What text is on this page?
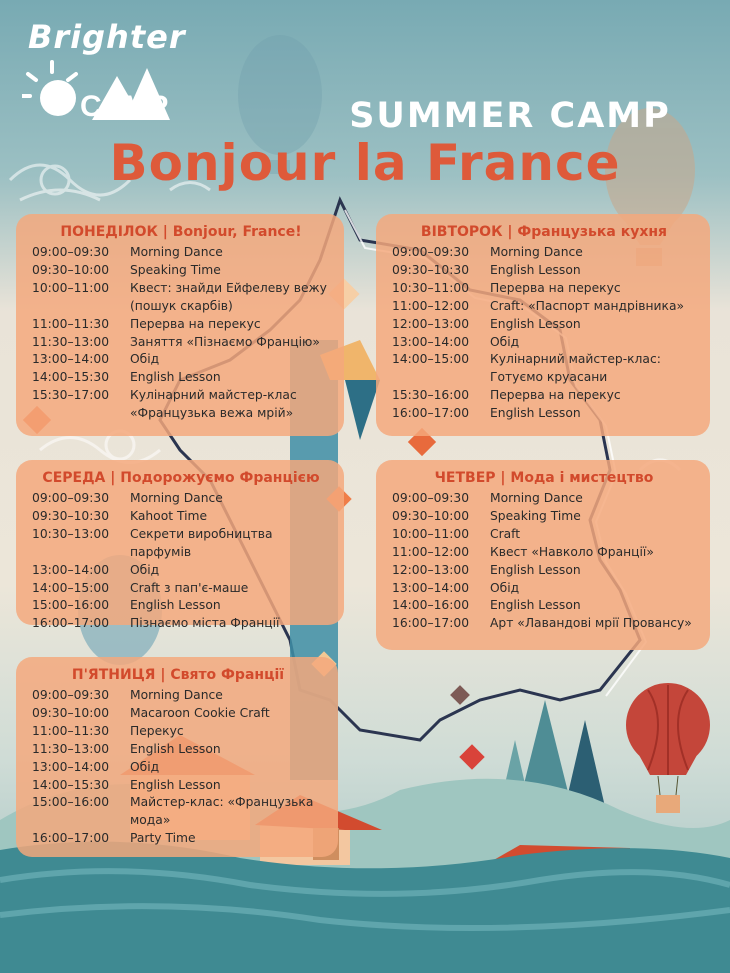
Brighter
CAMP	SUMMER CAMP
Bonjour la France
ПОНЕДІЛОК | Bonjour, France!
09:00–09:30	Morning Dance
09:30–10:00	Speaking Time
10:00–11:00	Квест: знайди Ейфелеву вежу (пошук скарбів)
11:00–11:30	Перерва на перекус
11:30–13:00	Заняття «Пізнаємо Францію»
13:00–14:00	Обід
14:00–15:30	English Lesson
15:30–17:00	Кулінарний майстер-клас «Французька вежа мрій»
ВІВТОРОК | Французька кухня
09:00–09:30	Morning Dance
09:30–10:30	English Lesson
10:30–11:00	Перерва на перекус
11:00–12:00	Craft: «Паспорт мандрівника»
12:00–13:00	English Lesson
13:00–14:00	Обід
14:00–15:00	Кулінарний майстер-клас: Готуємо круасани
15:30–16:00	Перерва на перекус
16:00–17:00	English Lesson
СЕРЕДА | Подорожуємо Францією
09:00–09:30	Morning Dance
09:30–10:30	Kahoot Time
10:30–13:00	Секрети виробництва парфумів
13:00–14:00	Обід
14:00–15:00	Craft з пап'є-маше
15:00–16:00	English Lesson
16:00–17:00	Пізнаємо міста Франції
ЧЕТВЕР | Мода і мистецтво
09:00–09:30	Morning Dance
09:30–10:00	Speaking Time
10:00–11:00	Craft
11:00–12:00	Квест «Навколо Франції»
12:00–13:00	English Lesson
13:00–14:00	Обід
14:00–16:00	English Lesson
16:00–17:00	Арт «Лавандові мрії Провансу»
П'ЯТНИЦЯ | Свято Франції
09:00–09:30	Morning Dance
09:30–10:00	Macaroon Cookie Craft
11:00–11:30	Перекус
11:30–13:00	English Lesson
13:00–14:00	Обід
14:00–15:30	English Lesson
15:00–16:00	Майстер-клас: «Французька мода»
16:00–17:00	Party Time
